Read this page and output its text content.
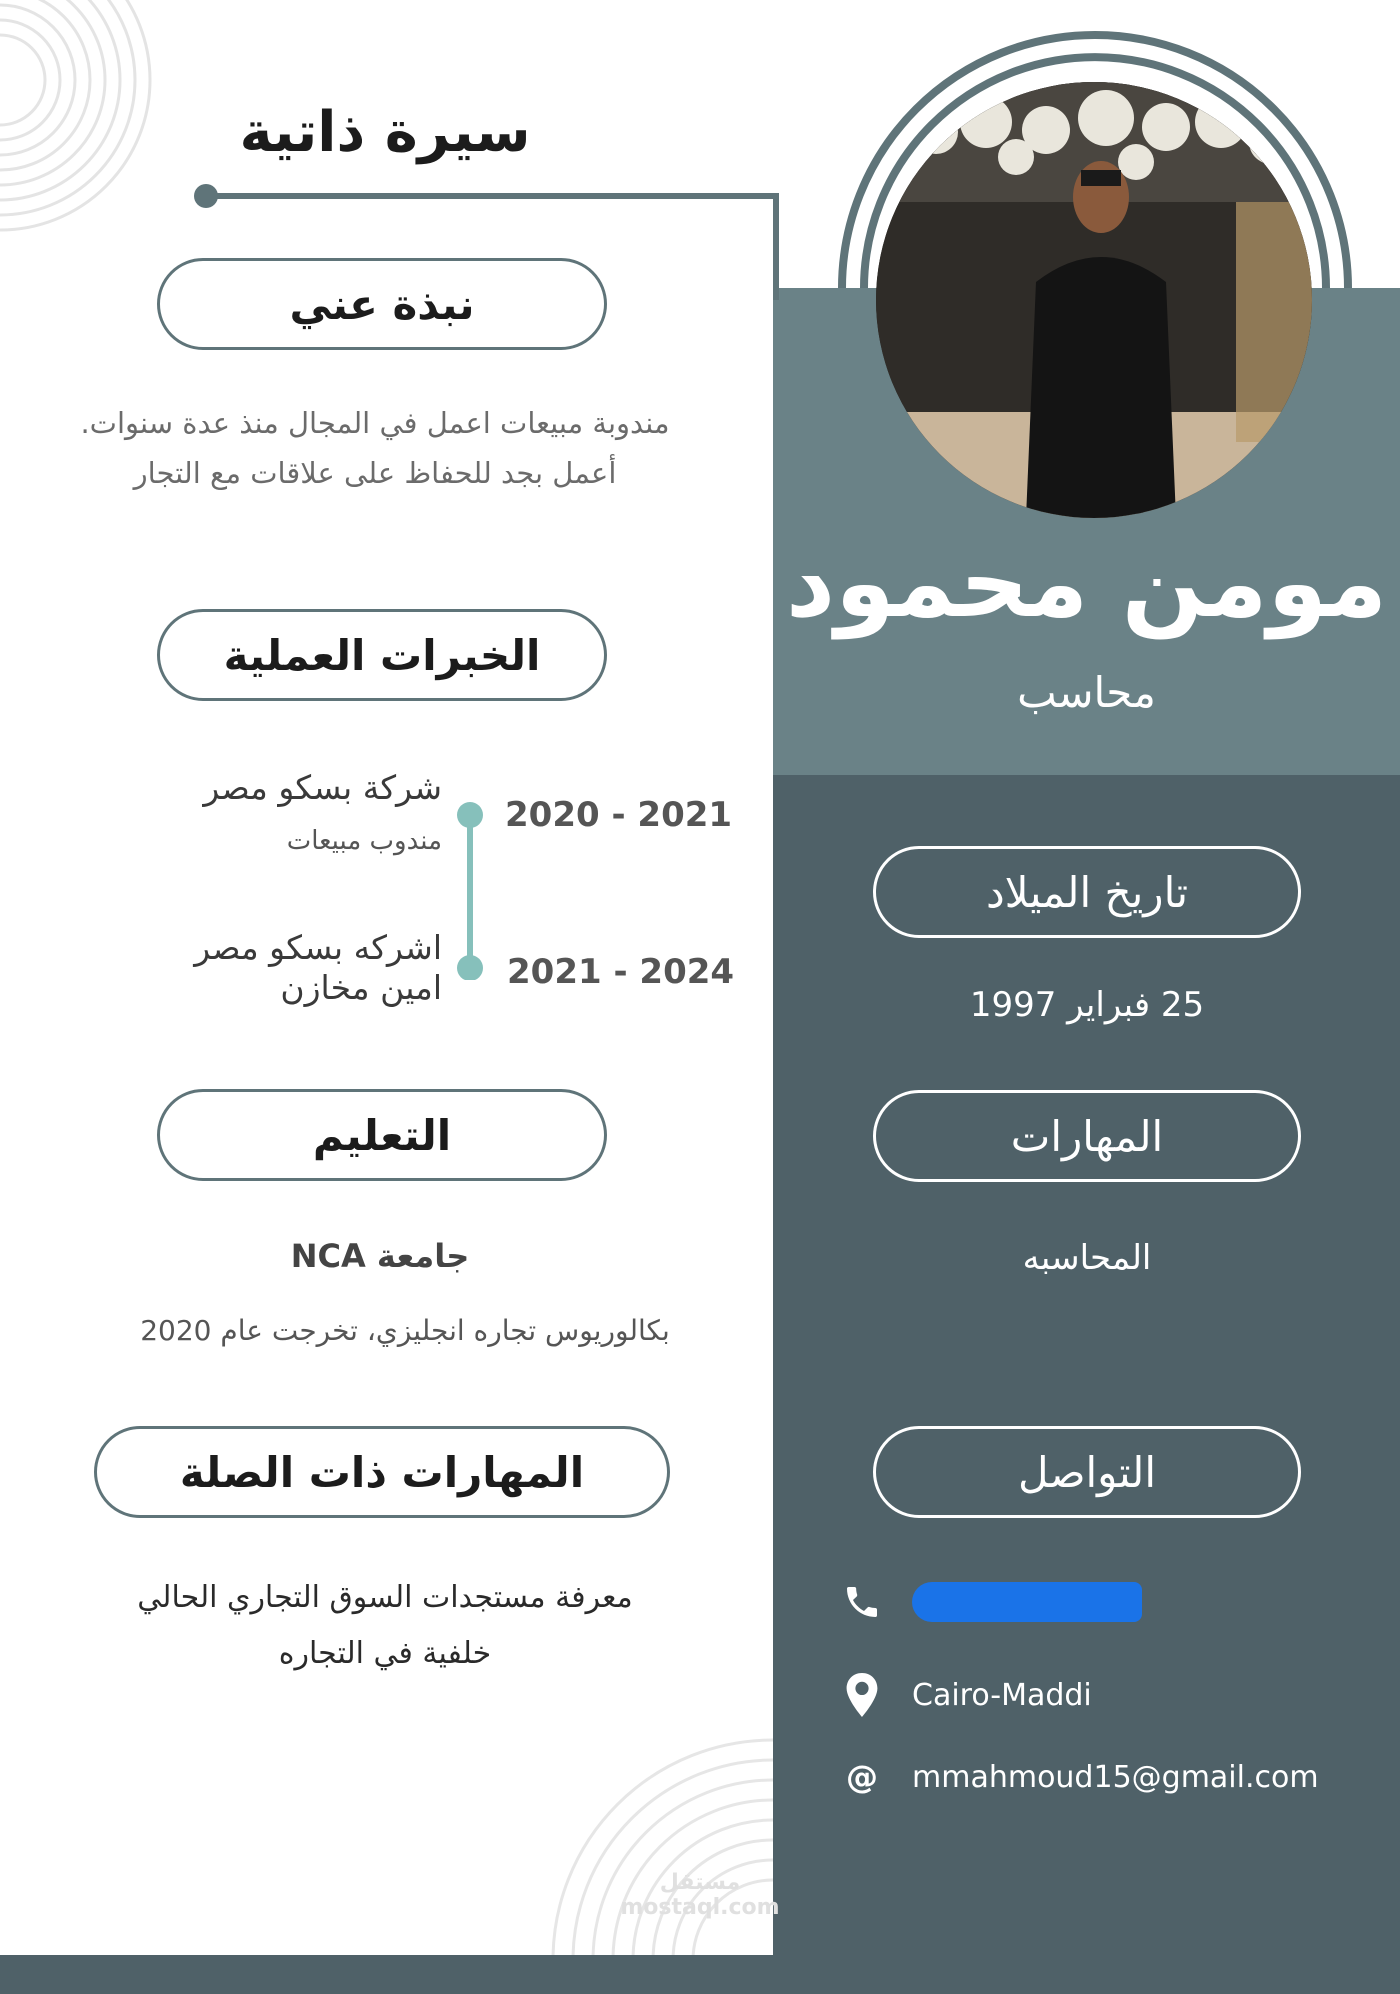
مومن محمود
محاسب
سيرة ذاتية
نبذة عني
مندوبة مبيعات اعمل في المجال منذ عدة سنوات. أعمل بجد للحفاظ على علاقات مع التجار
الخبرات العملية
شركة بسكو مصر
مندوب مبيعات
2020 - 2021
اشركه بسكو مصر
امين مخازن 2021 - 2024
التعليم
جامعة NCA
بكالوريوس تجاره انجليزي، تخرجت عام 2020
المهارات ذات الصلة
معرفة مستجدات السوق التجاري الحالي
خلفية في التجاره
تاريخ الميلاد
25 فبراير 1997
المهارات
المحاسبه
التواصل
Cairo-Maddi
@ mmahmoud15@gmail.com
مستقل mostaql.com
